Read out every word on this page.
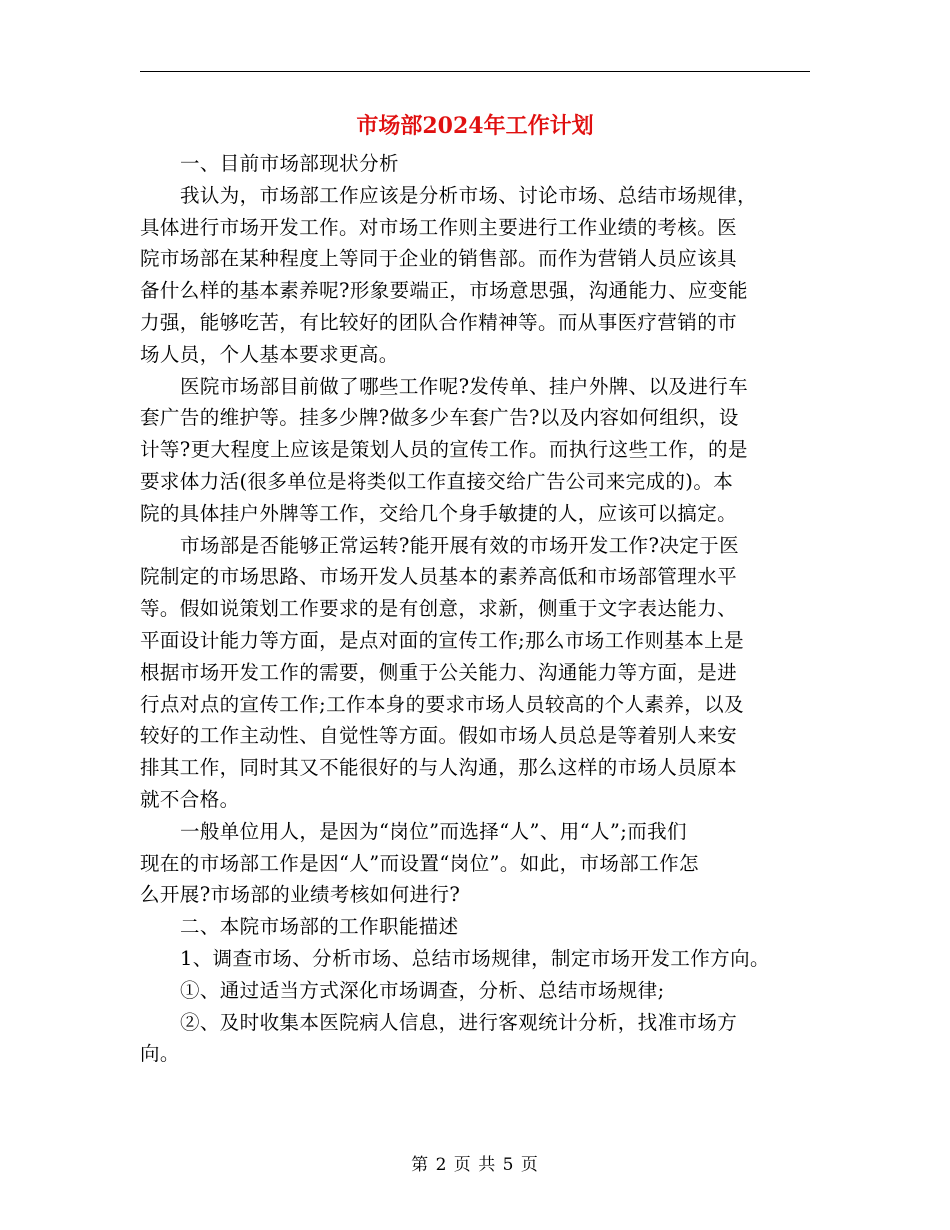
市场部2024年工作计划

一、目前市场部现状分析

我认为，市场部工作应该是分析市场、讨论市场、总结市场规律，
具体进行市场开发工作。对市场工作则主要进行工作业绩的考核。医
院市场部在某种程度上等同于企业的销售部。而作为营销人员应该具
备什么样的基本素养呢?形象要端正，市场意思强，沟通能力、应变能
力强，能够吃苦，有比较好的团队合作精神等。而从事医疗营销的市
场人员，个人基本要求更高。

医院市场部目前做了哪些工作呢?发传单、挂户外牌、以及进行车
套广告的维护等。挂多少牌?做多少车套广告?以及内容如何组织，设
计等?更大程度上应该是策划人员的宣传工作。而执行这些工作，的是
要求体力活(很多单位是将类似工作直接交给广告公司来完成的)。本
院的具体挂户外牌等工作，交给几个身手敏捷的人，应该可以搞定。

市场部是否能够正常运转?能开展有效的市场开发工作?决定于医
院制定的市场思路、市场开发人员基本的素养高低和市场部管理水平
等。假如说策划工作要求的是有创意，求新，侧重于文字表达能力、
平面设计能力等方面，是点对面的宣传工作;那么市场工作则基本上是
根据市场开发工作的需要，侧重于公关能力、沟通能力等方面，是进
行点对点的宣传工作;工作本身的要求市场人员较高的个人素养，以及
较好的工作主动性、自觉性等方面。假如市场人员总是等着别人来安
排其工作，同时其又不能很好的与人沟通，那么这样的市场人员原本
就不合格。

一般单位用人，是因为“岗位”而选择“人”、用“人”;而我们
现在的市场部工作是因“人”而设置“岗位”。如此，市场部工作怎
么开展?市场部的业绩考核如何进行?

二、本院市场部的工作职能描述

1、调查市场、分析市场、总结市场规律，制定市场开发工作方向。

①、通过适当方式深化市场调查，分析、总结市场规律;

②、及时收集本医院病人信息，进行客观统计分析，找准市场方
向。

第 2 页 共 5 页
